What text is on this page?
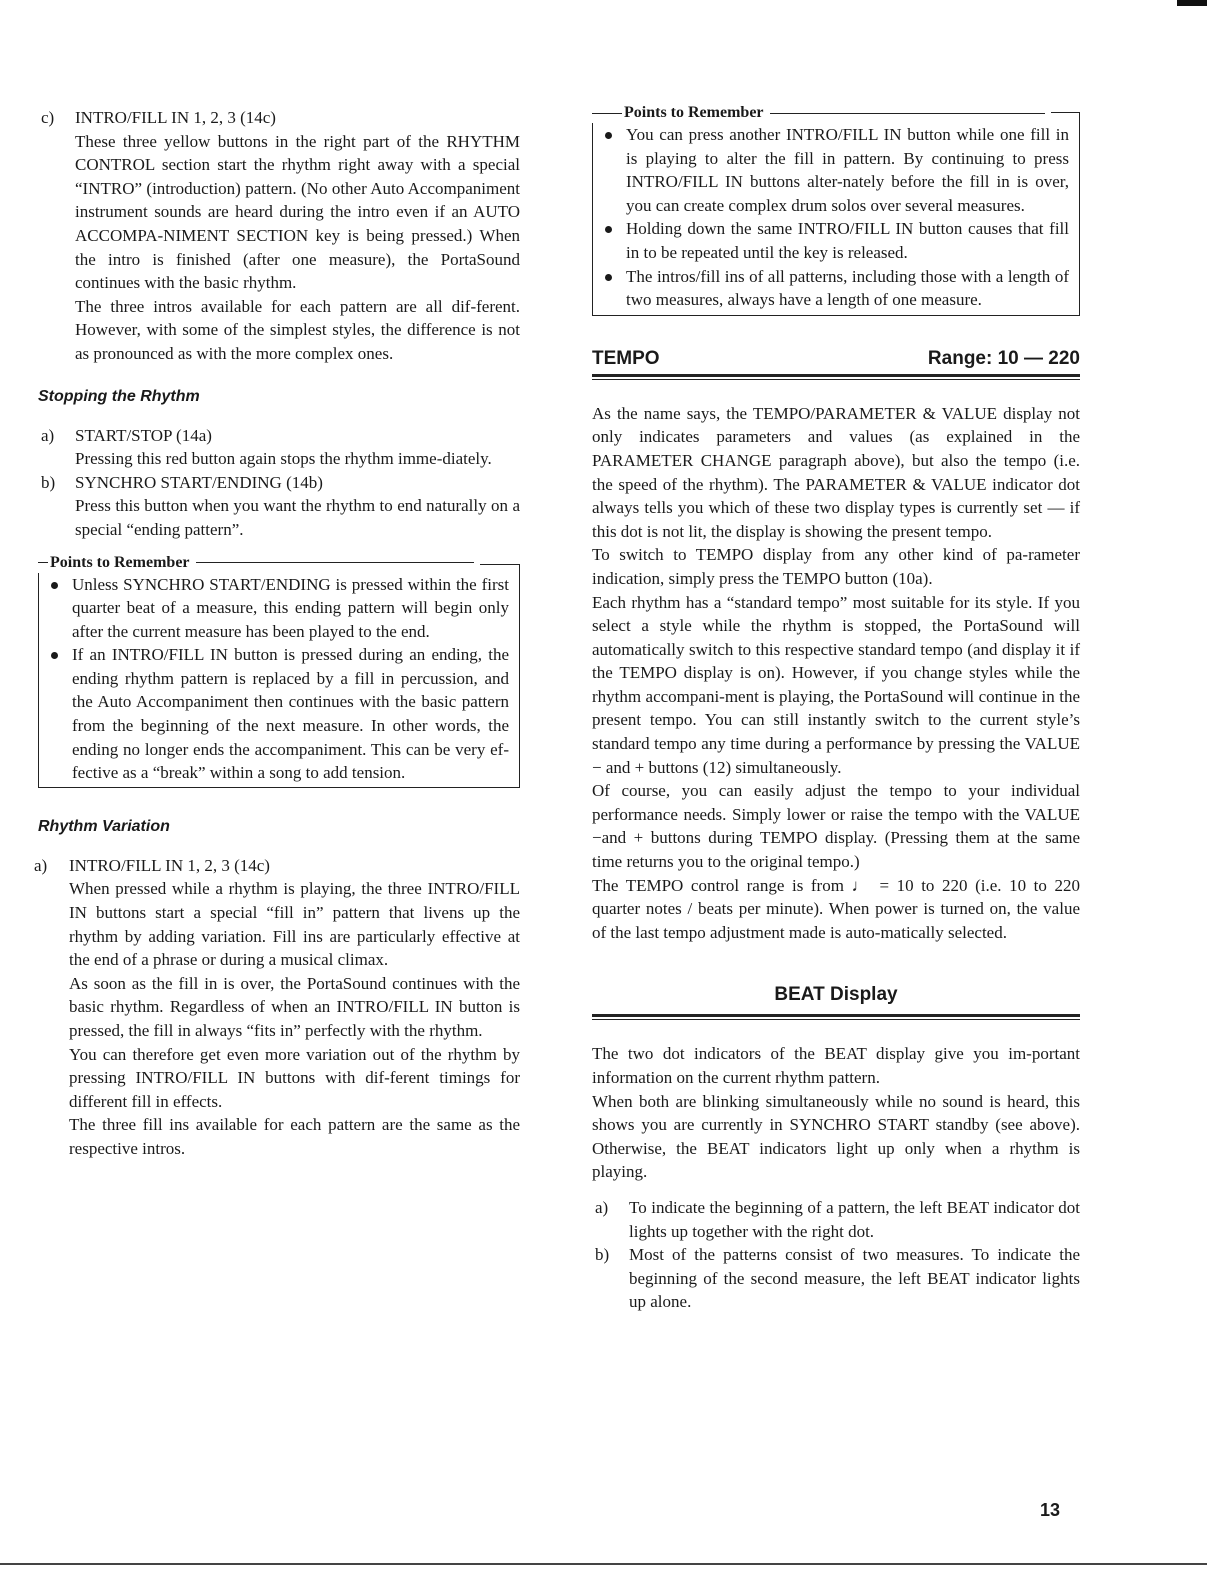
c) INTRO/FILL IN 1, 2, 3 (14c)

These three yellow buttons in the right part of the RHYTHM CONTROL section start the rhythm right away with a special “INTRO” (introduction) pattern. (No other Auto Accompaniment instrument sounds are heard during the intro even if an AUTO ACCOMPA-NIMENT SECTION key is being pressed.) When the intro is finished (after one measure), the PortaSound continues with the basic rhythm.

The three intros available for each pattern are all dif-ferent. However, with some of the simplest styles, the difference is not as pronounced as with the more complex ones.

Stopping the Rhythm
a) START/STOP (14a)

Pressing this red button again stops the rhythm imme-diately.

b) SYNCHRO START/ENDING (14b)

Press this button when you want the rhythm to end naturally on a special “ending pattern”.

Points to Remember
Unless SYNCHRO START/ENDING is pressed within the first quarter beat of a measure, this ending pattern will begin only after the current measure has been played to the end.
If an INTRO/FILL IN button is pressed during an ending, the ending rhythm pattern is replaced by a fill in percussion, and the Auto Accompaniment then continues with the basic pattern from the beginning of the next measure. In other words, the ending no longer ends the accompaniment. This can be very ef-fective as a “break” within a song to add tension.
Rhythm Variation
a) INTRO/FILL IN 1, 2, 3 (14c)

When pressed while a rhythm is playing, the three INTRO/FILL IN buttons start a special “fill in” pattern that livens up the rhythm by adding variation. Fill ins are particularly effective at the end of a phrase or during a musical climax.

As soon as the fill in is over, the PortaSound continues with the basic rhythm. Regardless of when an INTRO/FILL IN button is pressed, the fill in always “fits in” perfectly with the rhythm.

You can therefore get even more variation out of the rhythm by pressing INTRO/FILL IN buttons with dif-ferent timings for different fill in effects.

The three fill ins available for each pattern are the same as the respective intros.

Points to Remember
You can press another INTRO/FILL IN button while one fill in is playing to alter the fill in pattern. By continuing to press INTRO/FILL IN buttons alter-nately before the fill in is over, you can create complex drum solos over several measures.
Holding down the same INTRO/FILL IN button causes that fill in to be repeated until the key is released.
The intros/fill ins of all patterns, including those with a length of two measures, always have a length of one measure.
TEMPO	Range: 10 — 220

As the name says, the TEMPO/PARAMETER & VALUE display not only indicates parameters and values (as explained in the PARAMETER CHANGE paragraph above), but also the tempo (i.e. the speed of the rhythm). The PARAMETER & VALUE indicator dot always tells you which of these two display types is currently set — if this dot is not lit, the display is showing the present tempo.

To switch to TEMPO display from any other kind of pa-rameter indication, simply press the TEMPO button (10a).

Each rhythm has a “standard tempo” most suitable for its style. If you select a style while the rhythm is stopped, the PortaSound will automatically switch to this respective standard tempo (and display it if the TEMPO display is on). However, if you change styles while the rhythm accompani-ment is playing, the PortaSound will continue in the present tempo. You can still instantly switch to the current style’s standard tempo any time during a performance by pressing the VALUE − and + buttons (12) simultaneously.

Of course, you can easily adjust the tempo to your individual performance needs. Simply lower or raise the tempo with the VALUE −and + buttons during TEMPO display. (Pressing them at the same time returns you to the original tempo.)

The TEMPO control range is from ♩ = 10 to 220 (i.e. 10 to 220 quarter notes / beats per minute). When power is turned on, the value of the last tempo adjustment made is auto-matically selected.

BEAT Display

The two dot indicators of the BEAT display give you im-portant information on the current rhythm pattern.

When both are blinking simultaneously while no sound is heard, this shows you are currently in SYNCHRO START standby (see above). Otherwise, the BEAT indicators light up only when a rhythm is playing.

a) To indicate the beginning of a pattern, the left BEAT indicator dot lights up together with the right dot.

b) Most of the patterns consist of two measures. To indicate the beginning of the second measure, the left BEAT indicator lights up alone.

13
